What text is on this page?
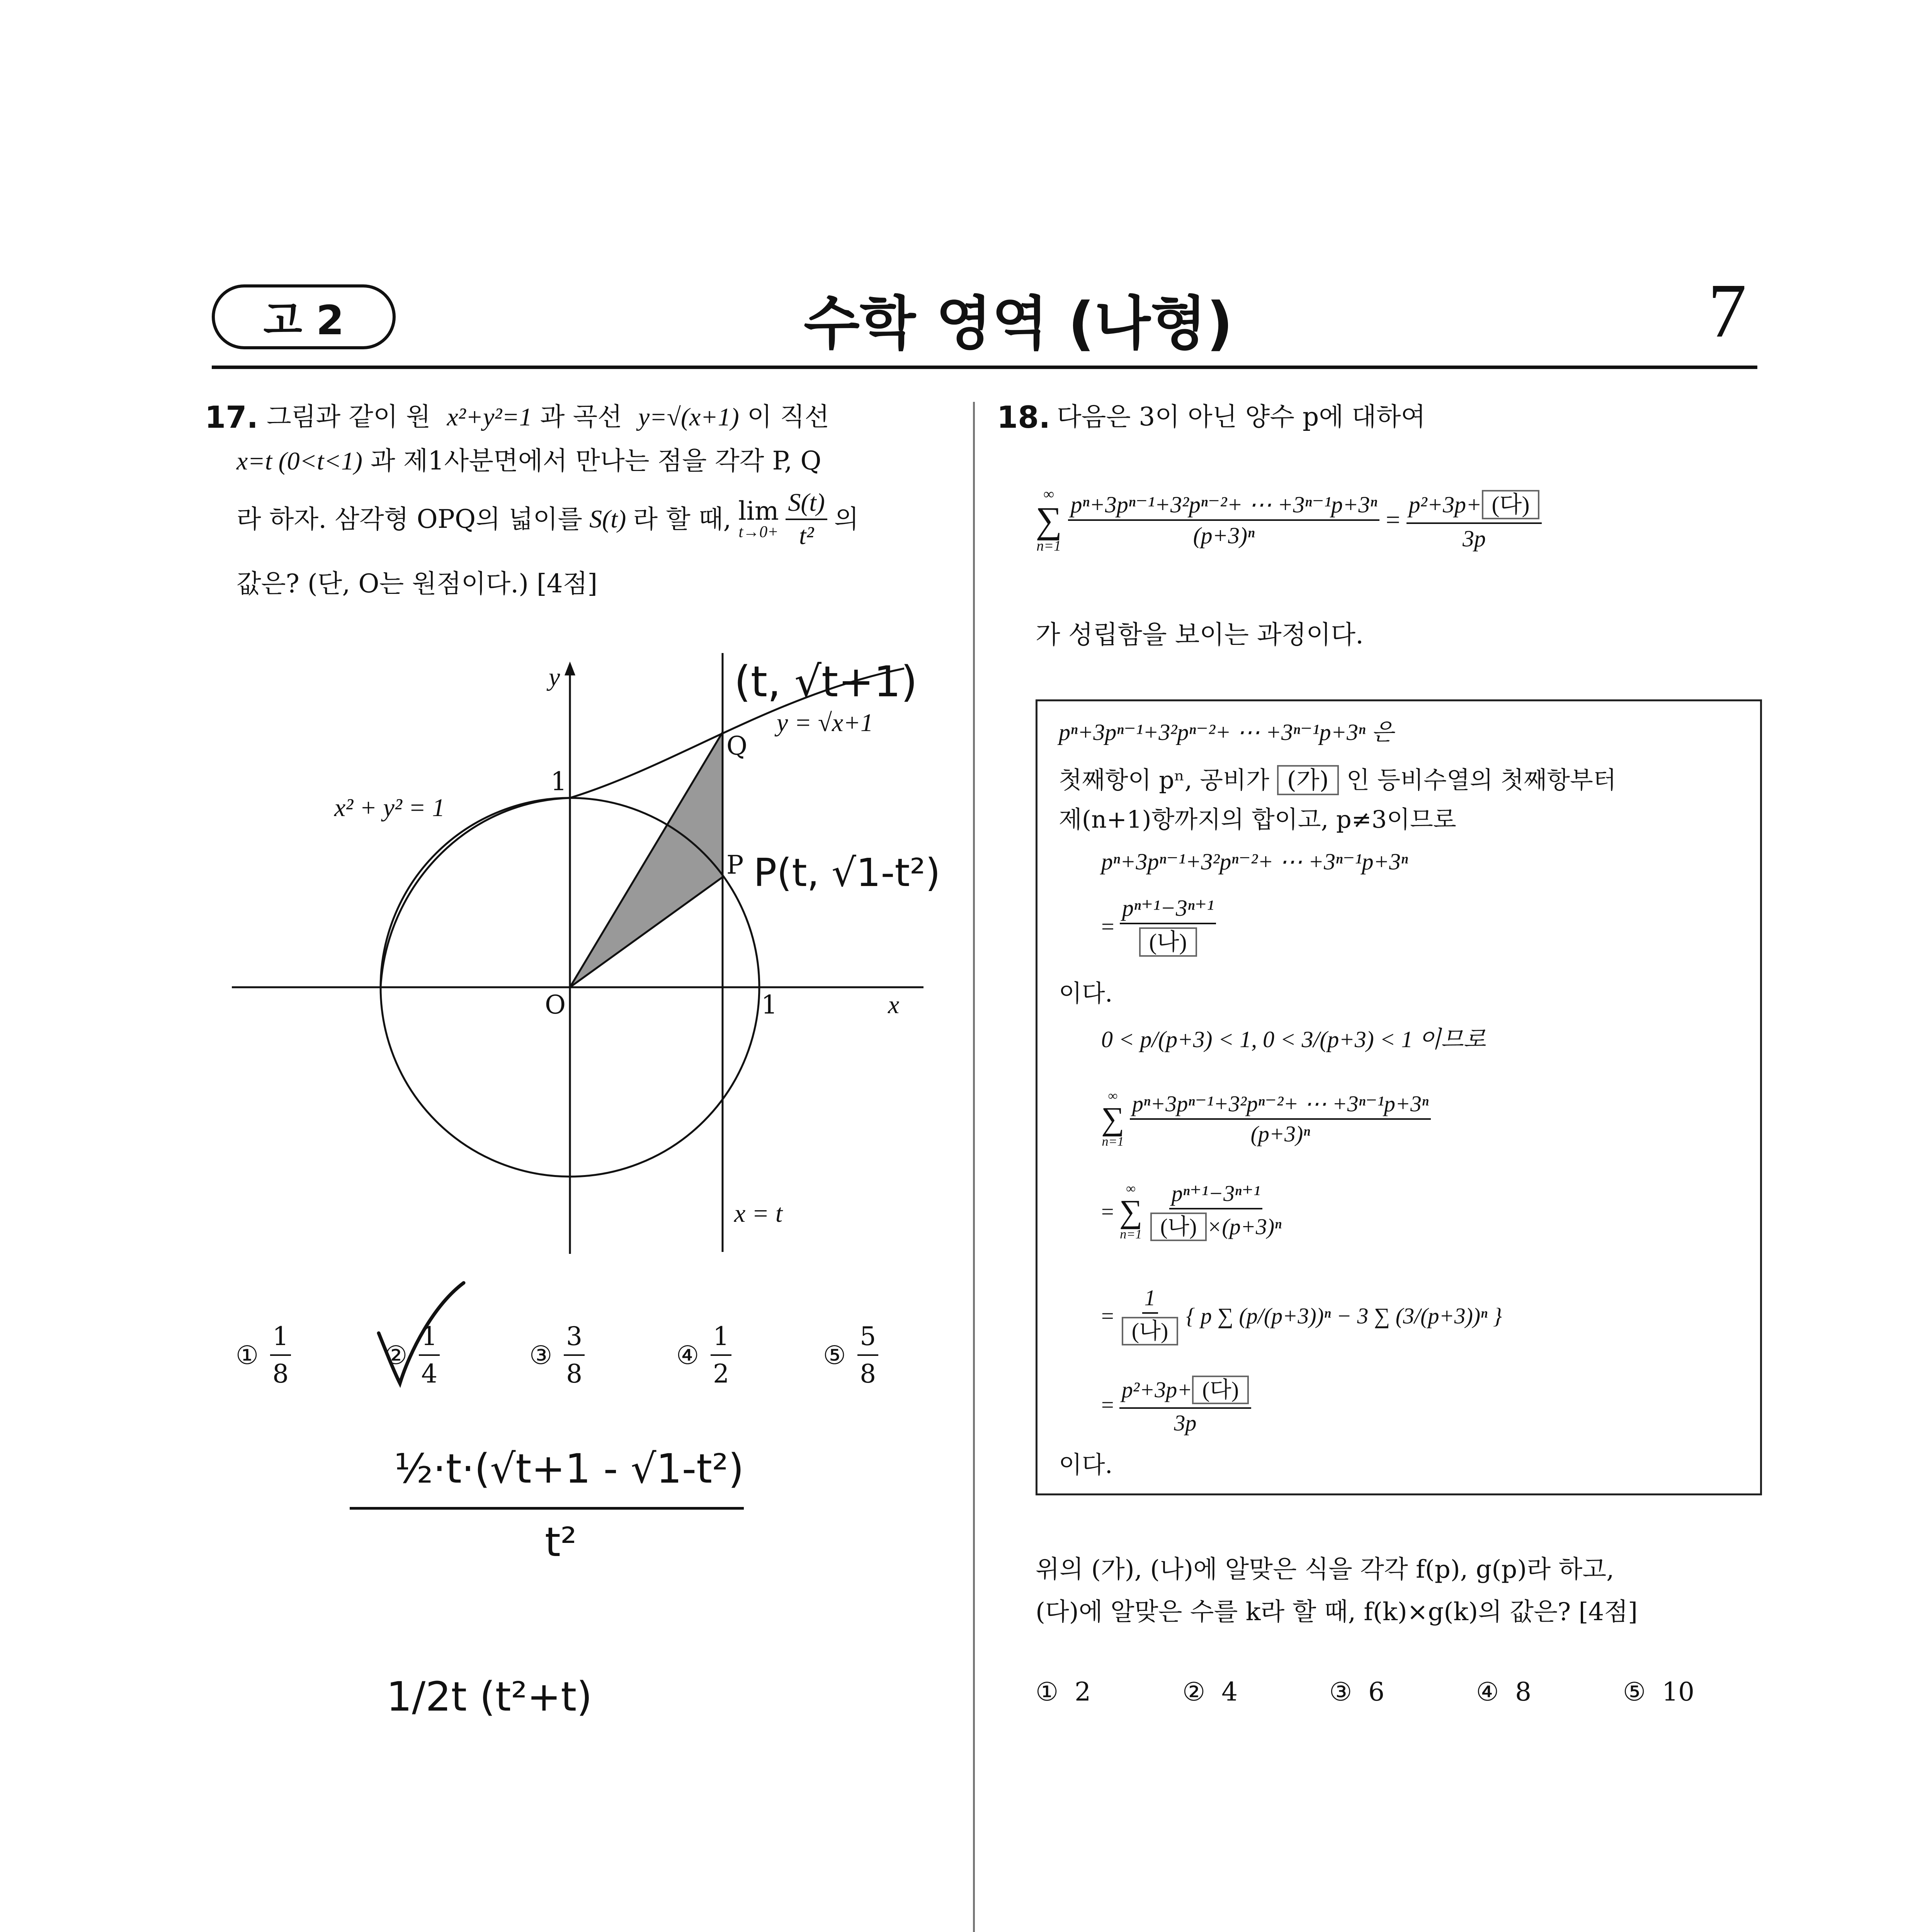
고 2	수학 영역 (나형)	7
17. 그림과 같이 원 x²+y²=1 과 곡선 y=√(x+1) 이 직선
x=t (0<t<1) 과 제1사분면에서 만나는 점을 각각 P, Q
라 하자. 삼각형 OPQ의 넓이를 S(t) 라 할 때, lim
$t\to 0+ \frac{S(t)}{\text{t²}}$ 의
값은? (단, O는 원점이다.) [4점]
y
x
O	1
1
x² + y² = 1
y = √x+1
Q
P
x = t
① $\frac{1}{8}$	② $\frac{1}{4}$	③ $\frac{3}{8}$	④ $\frac{1}{2}$	⑤ $\frac{5}{8}$
(t, √t+1)
P(t, √1-t²)
½·t·(√t+1 - √1-t²)
t²
1/2t (t²+t)
18. 다음은 3이 아닌 양수 p에 대하여
∞
∑
$n=1 \frac{\text{pⁿ+3pⁿ⁻¹+3²pⁿ⁻²+ ⋯ +3ⁿ⁻¹p+3ⁿ}}{\text{(p+3)ⁿ}} = \frac{\text{p²+3p+ (다)}}{3p}$
가 성립함을 보이는 과정이다.
pⁿ+3pⁿ⁻¹+3²pⁿ⁻²+ ⋯ +3ⁿ⁻¹p+3ⁿ 은
첫째항이 pⁿ, 공비가 (가) 인 등비수열의 첫째항부터
제(n+1)항까지의 합이고, p≠3이므로
pⁿ+3pⁿ⁻¹+3²pⁿ⁻²+ ⋯ +3ⁿ⁻¹p+3ⁿ
= $\frac{\text{pⁿ⁺¹−3ⁿ⁺¹}}{\text{(나)}}$
이다.
0 < p/(p+3) < 1, 0 < 3/(p+3) < 1 이므로
∞
∑
$n=1 \frac{\text{pⁿ+3pⁿ⁻¹+3²pⁿ⁻²+ ⋯ +3ⁿ⁻¹p+3ⁿ}}{\text{(p+3)ⁿ}}$
=
∞
∑
$n=1 \frac{\text{pⁿ⁺¹−3ⁿ⁺¹}}{\text{(나) ×(p+3)ⁿ}}$
= $\frac{1}{\text{(나)}}$ { p ∑ (p/(p+3))ⁿ − 3 ∑ (3/(p+3))ⁿ }
= $\frac{\text{p²+3p+ (다)}}{3p}$
이다.
위의 (가), (나)에 알맞은 식을 각각 f(p), g(p)라 하고,
(다)에 알맞은 수를 k라 할 때, f(k)×g(k)의 값은? [4점]
① 2	② 4	③ 6	④ 8	⑤ 10
